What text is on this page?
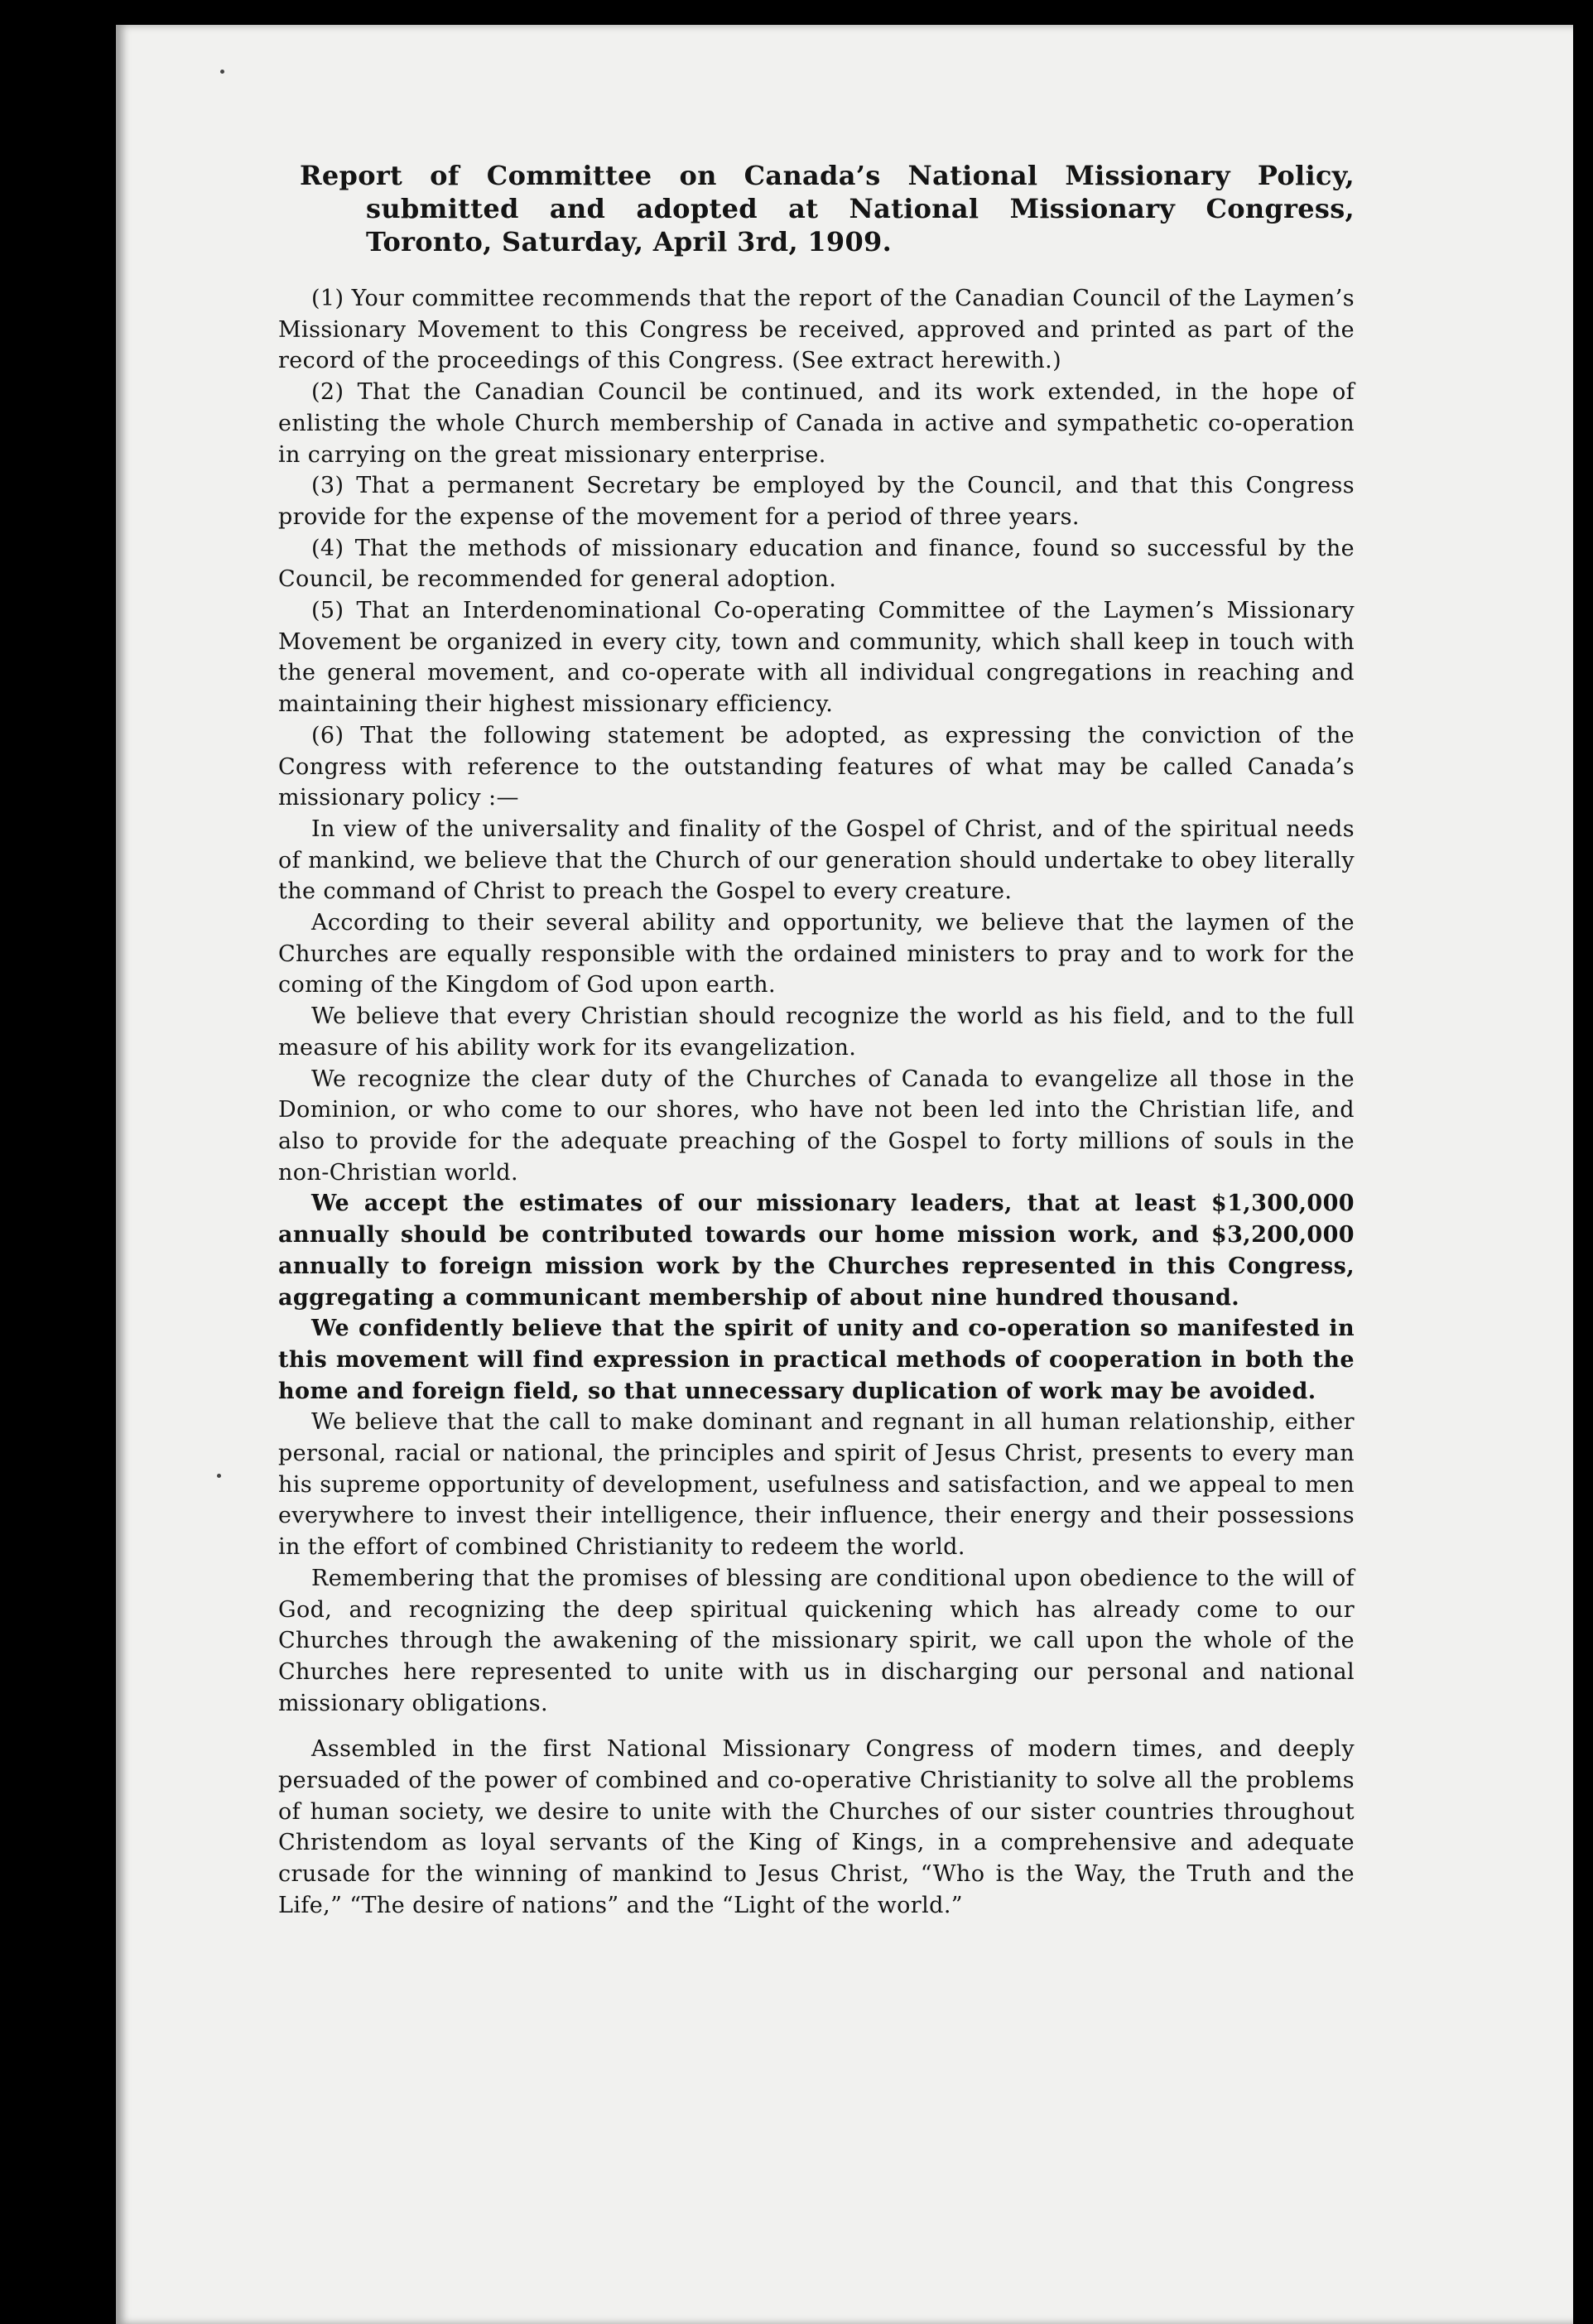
Report of Committee on Canada’s National Missionary Policy, submitted and adopted at National Missionary Congress, Toronto, Saturday, April 3rd, 1909.

(1) Your committee recommends that the report of the Canadian Council of the Laymen’s Missionary Movement to this Congress be received, approved and printed as part of the record of the proceedings of this Congress. (See extract herewith.)

(2) That the Canadian Council be continued, and its work extended, in the hope of enlisting the whole Church membership of Canada in active and sympathetic co-operation in carrying on the great missionary enterprise.

(3) That a permanent Secretary be employed by the Council, and that this Congress provide for the expense of the movement for a period of three years.

(4) That the methods of missionary education and finance, found so successful by the Council, be recommended for general adoption.

(5) That an Interdenominational Co-operating Committee of the Laymen’s Missionary Movement be organized in every city, town and community, which shall keep in touch with the general movement, and co-operate with all individual congregations in reaching and maintaining their highest missionary efficiency.

(6) That the following statement be adopted, as expressing the conviction of the Congress with reference to the outstanding features of what may be called Canada’s missionary policy :—

In view of the universality and finality of the Gospel of Christ, and of the spiritual needs of mankind, we believe that the Church of our generation should undertake to obey literally the command of Christ to preach the Gospel to every creature.

According to their several ability and opportunity, we believe that the laymen of the Churches are equally responsible with the ordained ministers to pray and to work for the coming of the Kingdom of God upon earth.

We believe that every Christian should recognize the world as his field, and to the full measure of his ability work for its evangelization.

We recognize the clear duty of the Churches of Canada to evangelize all those in the Dominion, or who come to our shores, who have not been led into the Christian life, and also to provide for the adequate preaching of the Gospel to forty millions of souls in the non-Christian world.

We accept the estimates of our missionary leaders, that at least $1,300,000 annually should be contributed towards our home mission work, and $3,200,000 annually to foreign mission work by the Churches represented in this Congress, aggregating a communicant membership of about nine hundred thousand.

We confidently believe that the spirit of unity and co-operation so manifested in this movement will find expression in practical methods of cooperation in both the home and foreign field, so that unnecessary duplication of work may be avoided.

We believe that the call to make dominant and regnant in all human relationship, either personal, racial or national, the principles and spirit of Jesus Christ, presents to every man his supreme opportunity of development, usefulness and satisfaction, and we appeal to men everywhere to invest their intelligence, their influence, their energy and their possessions in the effort of combined Christianity to redeem the world.

Remembering that the promises of blessing are conditional upon obedience to the will of God, and recognizing the deep spiritual quickening which has already come to our Churches through the awakening of the missionary spirit, we call upon the whole of the Churches here represented to unite with us in discharging our personal and national missionary obligations.

Assembled in the first National Missionary Congress of modern times, and deeply persuaded of the power of combined and co-operative Christianity to solve all the problems of human society, we desire to unite with the Churches of our sister countries throughout Christendom as loyal servants of the King of Kings, in a comprehensive and adequate crusade for the winning of mankind to Jesus Christ, “Who is the Way, the Truth and the Life,” “The desire of nations” and the “Light of the world.”
